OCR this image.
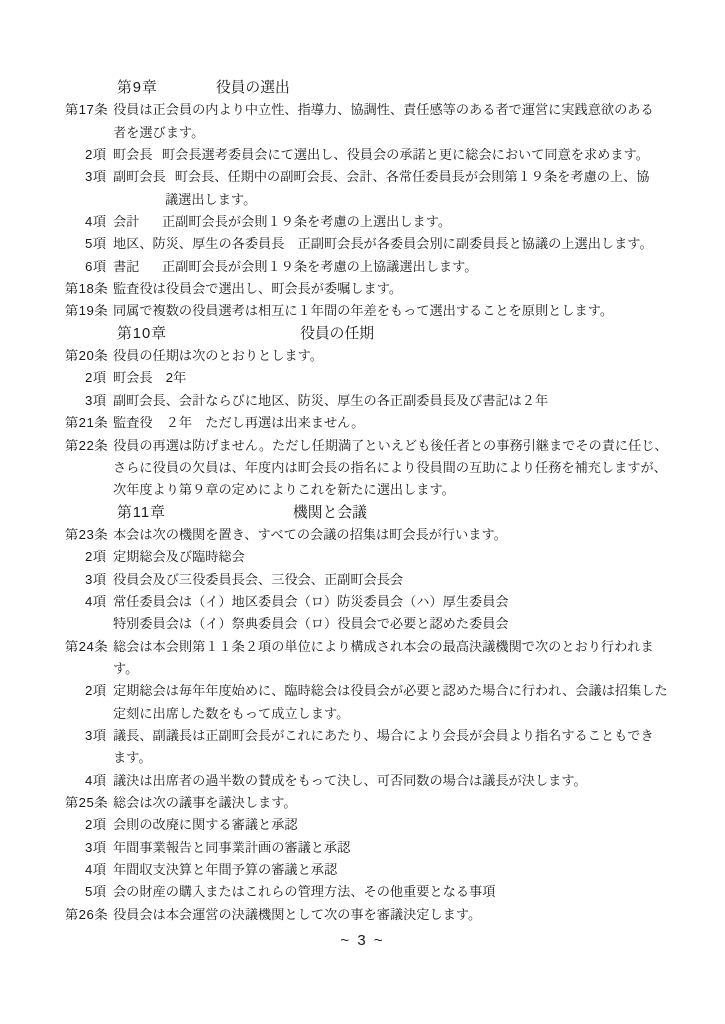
第9章	役員の選出
第17条 役員は正会員の内より中立性、指導力、協調性、責任感等のある者で運営に実践意欲のある
者を選びます。
2項 町会長 町会長選考委員会にて選出し、役員会の承諾と更に総会において同意を求めます。
3項 副町会長 町会長、任期中の副町会長、会計、各常任委員長が会則第１９条を考慮の上、協
議選出します。
4項 会計 正副町会長が会則１９条を考慮の上選出します。
5項 地区、防災、厚生の各委員長　正副町会長が各委員会別に副委員長と協議の上選出します。
6項 書記 正副町会長が会則１９条を考慮の上協議選出します。
第18条 監査役は役員会で選出し、町会長が委嘱します。
第19条 同属で複数の役員選考は相互に１年間の年差をもって選出することを原則とします。
第10章	役員の任期
第20条 役員の任期は次のとおりとします。
2項 町会長　2年
3項 副町会長、会計ならびに地区、防災、厚生の各正副委員長及び書記は２年
第21条 監査役　２年　ただし再選は出来ません。
第22条 役員の再選は防げません。ただし任期満了といえども後任者との事務引継までその責に任じ、
さらに役員の欠員は、年度内は町会長の指名により役員間の互助により任務を補充しますが、
次年度より第９章の定めによりこれを新たに選出します。
第11章	機関と会議
第23条 本会は次の機関を置き、すべての会議の招集は町会長が行います。
2項 定期総会及び臨時総会
3項 役員会及び三役委員長会、三役会、正副町会長会
4項 常任委員会は（イ）地区委員会（ロ）防災委員会（ハ）厚生委員会
特別委員会は（イ）祭典委員会（ロ）役員会で必要と認めた委員会
第24条 総会は本会則第１１条２項の単位により構成され本会の最高決議機関で次のとおり行われま
す。
2項 定期総会は毎年年度始めに、臨時総会は役員会が必要と認めた場合に行われ、会議は招集した
定刻に出席した数をもって成立します。
3項 議長、副議長は正副町会長がこれにあたり、場合により会長が会員より指名することもでき
ます。
4項 議決は出席者の過半数の賛成をもって決し、可否同数の場合は議長が決します。
第25条 総会は次の議事を議決します。
2項 会則の改廃に関する審議と承認
3項 年間事業報告と同事業計画の審議と承認
4項 年間収支決算と年間予算の審議と承認
5項 会の財産の購入またはこれらの管理方法、その他重要となる事項
第26条 役員会は本会運営の決議機関として次の事を審議決定します。
~ 3 ~
